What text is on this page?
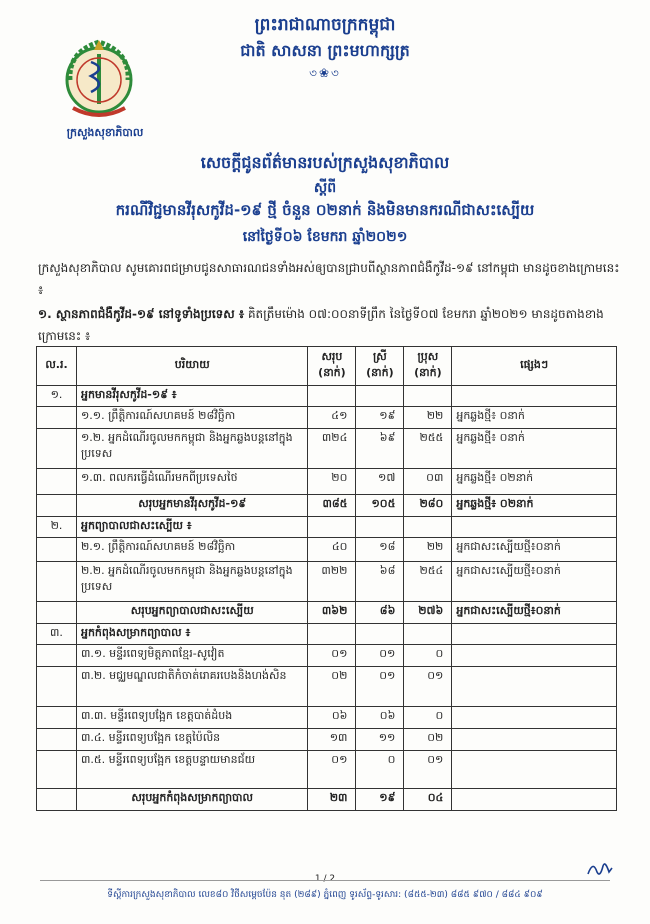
ព្រះរាជាណាចក្រកម្ពុជា
ជាតិ សាសនា ព្រះមហាក្សត្រ
৩❀৩
ក្រសួងសុខាភិបាល
សេចក្តីជូនព័ត៌មានរបស់ក្រសួងសុខាភិបាល
ស្តីពី
ករណីវិជ្ជមានវីរុសកូវីដ-១៩ ថ្មី ចំនួន ០២នាក់ និងមិនមានករណីជាសះស្បើយ
នៅថ្ងៃទី០៦ ខែមករា ឆ្នាំ២០២១
ក្រសួងសុខាភិបាល សូមគោរពជម្រាបជូនសាធារណជនទាំងអស់ឲ្យបានជ្រាបពីស្ថានភាពជំងឺកូវីដ-១៩ នៅកម្ពុជា មានដូចខាងក្រោមនេះ ៖
១. ស្ថានភាពជំងឺកូវីដ-១៩ នៅទូទាំងប្រទេស ៖ គិតត្រឹមម៉ោង ០៧:០០នាទីព្រឹក នៃថ្ងៃទី០៧ ខែមករា ឆ្នាំ២០២១ មានដូចតាងខាងក្រោមនេះ ៖
ល.រ.	បរិយាយ	សរុប (នាក់)	ស្រី (នាក់)	ប្រុស (នាក់)	ផ្សេងៗ
១.	អ្នកមានវីរុសកូវីដ-១៩ ៖				
	១.១. ព្រឹត្តិការណ៍សហគមន៍ ២៨វិច្ឆិកា	៤១	១៩	២២	អ្នកឆ្លងថ្មី៖ ០នាក់
	១.២. អ្នកដំណើរចូលមកកម្ពុជា និងអ្នកឆ្លងបន្តនៅក្នុងប្រទេស	៣២៤	៦៩	២៥៥	អ្នកឆ្លងថ្មី៖ ០នាក់
	១.៣. ពលករធ្វើដំណើរមកពីប្រទេសថៃ	២០	១៧	០៣	អ្នកឆ្លងថ្មី៖ ០២នាក់
	សរុបអ្នកមានវីរុសកូវីដ-១៩	៣៨៥	១០៥	២៨០	អ្នកឆ្លងថ្មី៖ ០២នាក់
២.	អ្នកព្យាបាលជាសះស្បើយ ៖				
	២.១. ព្រឹត្តិការណ៍សហគមន៍ ២៨វិច្ឆិកា	៤០	១៨	២២	អ្នកជាសះស្បើយថ្មី៖០នាក់
	២.២. អ្នកដំណើរចូលមកកម្ពុជា និងអ្នកឆ្លងបន្តនៅក្នុងប្រទេស	៣២២	៦៨	២៥៤	អ្នកជាសះស្បើយថ្មី៖០នាក់
	សរុបអ្នកព្យាបាលជាសះស្បើយ	៣៦២	៨៦	២៧៦	អ្នកជាសះស្បើយថ្មី៖០នាក់
៣.	អ្នកកំពុងសម្រាកព្យាបាល ៖				
	៣.១. មន្ទីរពេទ្យមិត្តភាពខ្មែរ-សូវៀត	០១	០១	០	
	៣.២. មជ្ឈមណ្ឌលជាតិកំចាត់រោគរបេងនិងហង់សិន	០២	០១	០១	
	៣.៣. មន្ទីរពេទ្យបង្អែក ខេត្តបាត់ដំបង	០៦	០៦	០	
	៣.៤. មន្ទីរពេទ្យបង្អែក ខេត្តប៉ៃលិន	១៣	១១	០២	
	៣.៥. មន្ទីរពេទ្យបង្អែក ខេត្តបន្ទាយមានជ័យ	០១	០	០១	
	សរុបអ្នកកំពុងសម្រាកព្យាបាល	២៣	១៩	០៤	
1 / 2
ទីស្តីការក្រសួងសុខាភិបាល លេខ៨០ វិថីសម្តេចប៉ែន នុត (២៨៩) ភ្នំពេញ ទូរស័ព្ទ-ទូរសារ: (៨៥៥-២៣) ៨៨៥ ៩៧០ / ៨៨៤ ៩០៩
